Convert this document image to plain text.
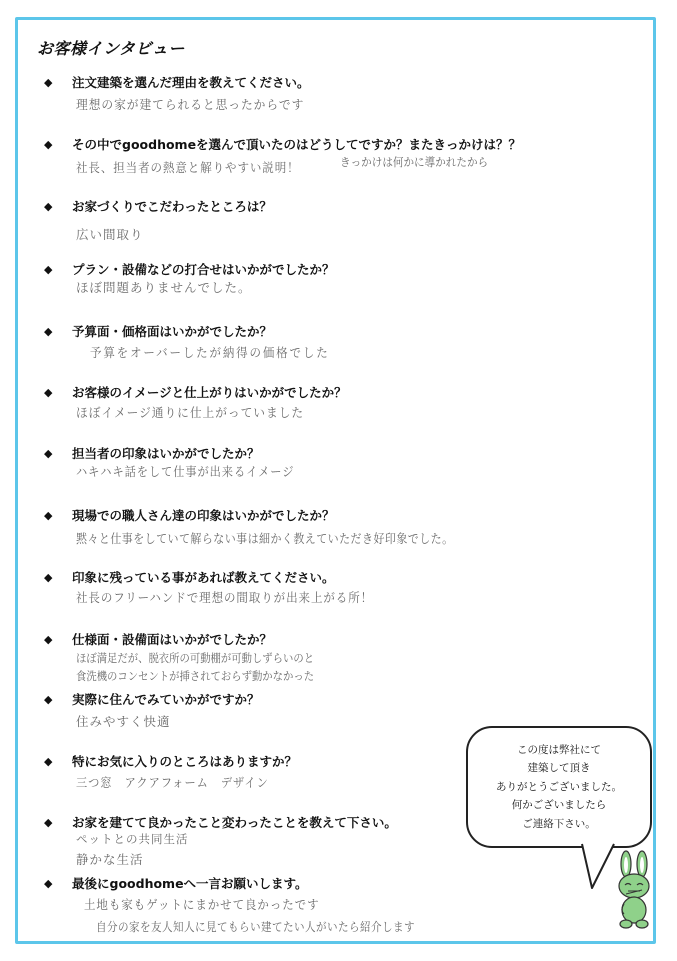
お客様インタビュー
◆	注文建築を選んだ理由を教えてください。
理想の家が建てられると思ったからです
◆	その中でgoodhomeを選んで頂いたのはどうしてですか？またきっかけは？？
社長、担当者の熱意と解りやすい説明！	きっかけは何かに導かれたから
◆	お家づくりでこだわったところは？
広い間取り
◆	プラン・設備などの打合せはいかがでしたか？
ほぼ問題ありませんでした。
◆	予算面・価格面はいかがでしたか？
予算をオーバーしたが納得の価格でした
◆	お客様のイメージと仕上がりはいかがでしたか？
ほぼイメージ通りに仕上がっていました
◆	担当者の印象はいかがでしたか？
ハキハキ話をして仕事が出来るイメージ
◆	現場での職人さん達の印象はいかがでしたか？
黙々と仕事をしていて解らない事は細かく教えていただき好印象でした。
◆	印象に残っている事があれば教えてください。
社長のフリーハンドで理想の間取りが出来上がる所！
◆	仕様面・設備面はいかがでしたか？
ほぼ満足だが、脱衣所の可動棚が可動しずらいのと
食洗機のコンセントが挿されておらず動かなかった
◆	実際に住んでみていかがですか？
住みやすく快適
◆	特にお気に入りのところはありますか？
三つ窓　アクアフォーム　デザイン
◆	お家を建てて良かったこと変わったことを教えて下さい。
ペットとの共同生活
静かな生活
◆	最後にgoodhomeへ一言お願いします。
土地も家もゲットにまかせて良かったです
自分の家を友人知人に見てもらい建てたい人がいたら紹介します
この度は弊社にて
建築して頂き
ありがとうございました。
何かございましたら
ご連絡下さい。
